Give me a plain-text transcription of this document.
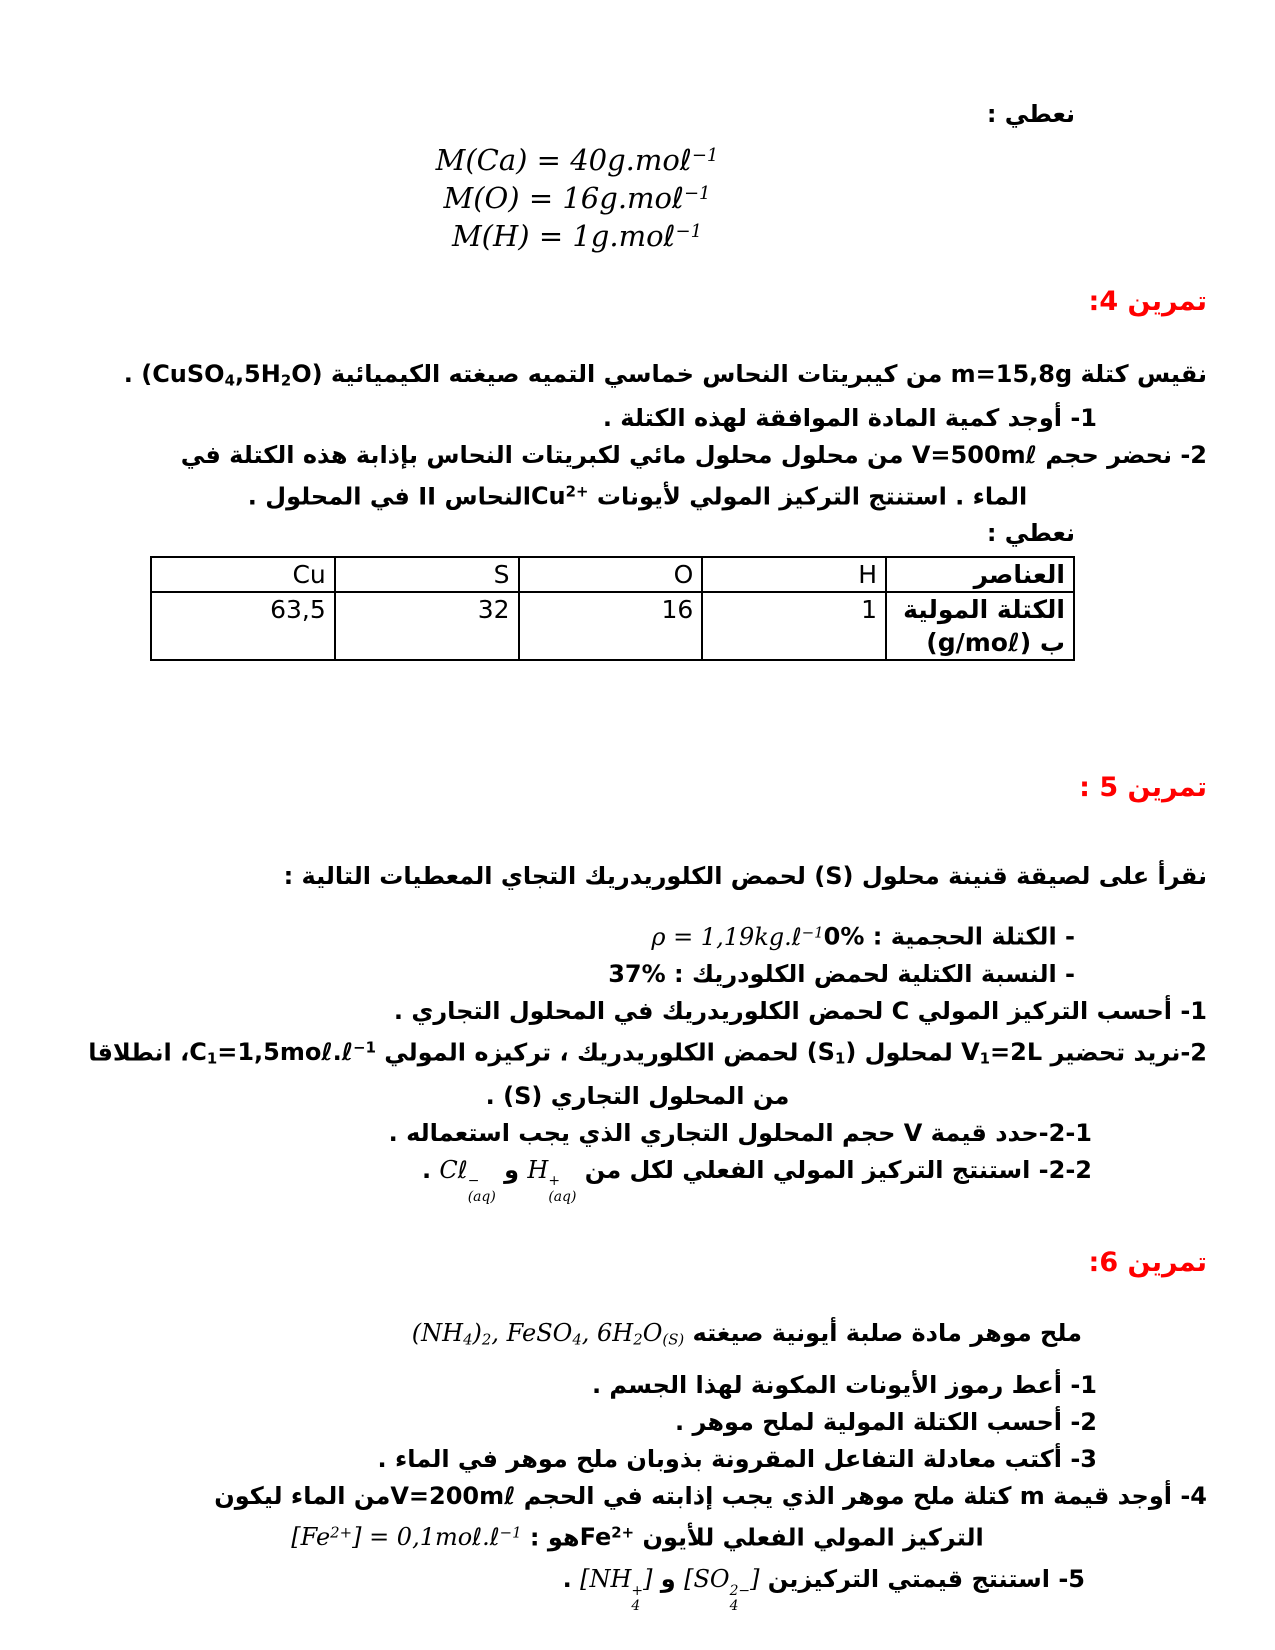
نعطي :
M(Ca) = 40g.moℓ$^{-1}$
M(O) = 16g.moℓ$^{-1}$
M(H) = 1g.moℓ$^{-1}$
تمرين 4:
نقيس كتلة m=15,8g من كيبريتات النحاس خماسي التميه صيغته الكيميائية $(CuSO_4,5H_2O)$ .
1- أوجد كمية المادة الموافقة لهذه الكتلة .
2- نحضر حجم V=500mℓ من محلول محلول مائي لكبريتات النحاس بإذابة هذه الكتلة في
الماء . استنتج التركيز المولي لأيونات $Cu^{2+}النحاس$ II في المحلول .
نعطي :
العناصر	H	O	S	Cu

الكتلة المولية
ب (g/moℓ)	1	16	32	63,5
تمرين 5 :
نقرأ على لصيقة قنينة محلول (S) لحمض الكلوريدريك التجاي المعطيات التالية :
- الكتلة الحجمية : 0%ρ = 1,19kg.ℓ$^{-1}$
- النسبة الكتلية لحمض الكلودريك : 37%
1- أحسب التركيز المولي C لحمض الكلوريدريك في المحلول التجاري .
2-نريد تحضير $V_1=2L$ لمحلول $(S_1)$ لحمض الكلوريدريك ، تركيزه المولي $C_1=1,5mo\ell.\ell^{-1}،$ انطلاقا
من المحلول التجاري (S) .
2-1-حدد قيمة V حجم المحلول التجاري الذي يجب استعماله .
2-2- استنتج التركيز المولي الفعلي لكل من H +
(aq)
و Cℓ −
(aq)
.
تمرين 6:
ملح موهر مادة صلبة أيونية صيغته $(NH_4)_2$, FeSO$_4$, $6H_2O_{(S)}$
1- أعط رموز الأيونات المكونة لهذا الجسم .
2- أحسب الكتلة المولية لملح موهر .
3- أكتب معادلة التفاعل المقرونة بذوبان ملح موهر في الماء .
4- أوجد قيمة m كتلة ملح موهر الذي يجب إذابته في الحجم V=200mℓمن الماء ليكون
التركيز المولي الفعلي للأيون $Fe^{2+}هو$ : $[Fe^{2+}]$ = 0,1moℓ.ℓ$^{-1}$
5- استنتج قيمتي التركيزين [SO 2−
4
] و [NH +
4
] .
